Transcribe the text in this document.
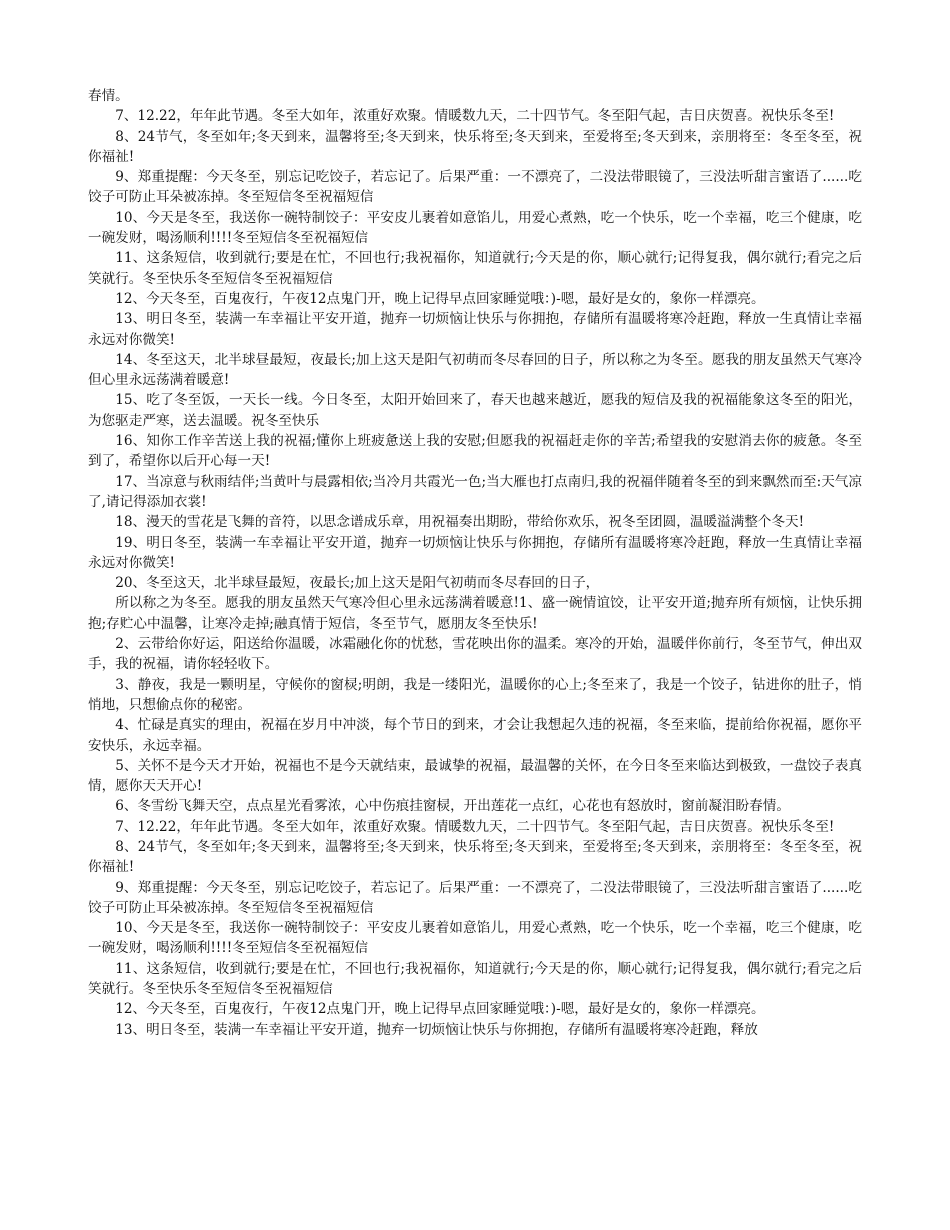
春情。

7、12.22，年年此节遇。冬至大如年，浓重好欢聚。情暖数九天，二十四节气。冬至阳气起，吉日庆贺喜。祝快乐冬至!

8、24节气，冬至如年;冬天到来，温馨将至;冬天到来，快乐将至;冬天到来，至爱将至;冬天到来，亲朋将至：冬至冬至，祝你福祉!

9、郑重提醒：今天冬至，别忘记吃饺子，若忘记了。后果严重：一不漂亮了，二没法带眼镜了，三没法听甜言蜜语了......吃饺子可防止耳朵被冻掉。冬至短信冬至祝福短信

10、今天是冬至，我送你一碗特制饺子：平安皮儿裹着如意馅儿，用爱心煮熟，吃一个快乐，吃一个幸福，吃三个健康，吃一碗发财，喝汤顺利!!!!冬至短信冬至祝福短信

11、这条短信，收到就行;要是在忙，不回也行;我祝福你，知道就行;今天是的你，顺心就行;记得复我，偶尔就行;看完之后笑就行。冬至快乐冬至短信冬至祝福短信

12、今天冬至，百鬼夜行，午夜12点鬼门开，晚上记得早点回家睡觉哦：)-嗯，最好是女的，象你一样漂亮。

13、明日冬至，装满一车幸福让平安开道，抛弃一切烦恼让快乐与你拥抱，存储所有温暖将寒冷赶跑，释放一生真情让幸福永远对你微笑!

14、冬至这天，北半球昼最短，夜最长;加上这天是阳气初萌而冬尽春回的日子，所以称之为冬至。愿我的朋友虽然天气寒冷但心里永远荡满着暖意!

15、吃了冬至饭，一天长一线。今日冬至，太阳开始回来了，春天也越来越近，愿我的短信及我的祝福能象这冬至的阳光，为您驱走严寒，送去温暖。祝冬至快乐

16、知你工作辛苦送上我的祝福;懂你上班疲惫送上我的安慰;但愿我的祝福赶走你的辛苦;希望我的安慰消去你的疲惫。冬至到了，希望你以后开心每一天!

17、当凉意与秋雨结伴;当黄叶与晨露相依;当冷月共霞光一色;当大雁也打点南归,我的祝福伴随着冬至的到来飘然而至:天气凉了,请记得添加衣裳!

18、漫天的雪花是飞舞的音符，以思念谱成乐章，用祝福奏出期盼，带给你欢乐，祝冬至团圆，温暖溢满整个冬天!

19、明日冬至，装满一车幸福让平安开道，抛弃一切烦恼让快乐与你拥抱，存储所有温暖将寒冷赶跑，释放一生真情让幸福永远对你微笑!

20、冬至这天，北半球昼最短，夜最长;加上这天是阳气初萌而冬尽春回的日子，

所以称之为冬至。愿我的朋友虽然天气寒冷但心里永远荡满着暖意!1、盛一碗情谊饺，让平安开道;抛弃所有烦恼，让快乐拥抱;存贮心中温馨，让寒冷走掉;融真情于短信，冬至节气，愿朋友冬至快乐!

2、云带给你好运，阳送给你温暖，冰霜融化你的忧愁，雪花映出你的温柔。寒冷的开始，温暖伴你前行，冬至节气，伸出双手，我的祝福，请你轻轻收下。

3、静夜，我是一颗明星，守候你的窗棂;明朗，我是一缕阳光，温暖你的心上;冬至来了，我是一个饺子，钻进你的肚子，悄悄地，只想偷点你的秘密。

4、忙碌是真实的理由，祝福在岁月中冲淡，每个节日的到来，才会让我想起久违的祝福，冬至来临，提前给你祝福，愿你平安快乐，永远幸福。

5、关怀不是今天才开始，祝福也不是今天就结束，最诚挚的祝福，最温馨的关怀，在今日冬至来临达到极致，一盘饺子表真情，愿你天天开心!

6、冬雪纷飞舞天空，点点星光看雾浓，心中伤痕挂窗棂，开出莲花一点红，心花也有怒放时，窗前凝泪盼春情。

7、12.22，年年此节遇。冬至大如年，浓重好欢聚。情暖数九天，二十四节气。冬至阳气起，吉日庆贺喜。祝快乐冬至!

8、24节气，冬至如年;冬天到来，温馨将至;冬天到来，快乐将至;冬天到来，至爱将至;冬天到来，亲朋将至：冬至冬至，祝你福祉!

9、郑重提醒：今天冬至，别忘记吃饺子，若忘记了。后果严重：一不漂亮了，二没法带眼镜了，三没法听甜言蜜语了......吃饺子可防止耳朵被冻掉。冬至短信冬至祝福短信

10、今天是冬至，我送你一碗特制饺子：平安皮儿裹着如意馅儿，用爱心煮熟，吃一个快乐，吃一个幸福，吃三个健康，吃一碗发财，喝汤顺利!!!!冬至短信冬至祝福短信

11、这条短信，收到就行;要是在忙，不回也行;我祝福你，知道就行;今天是的你，顺心就行;记得复我，偶尔就行;看完之后笑就行。冬至快乐冬至短信冬至祝福短信

12、今天冬至，百鬼夜行，午夜12点鬼门开，晚上记得早点回家睡觉哦：)-嗯，最好是女的，象你一样漂亮。

13、明日冬至，装满一车幸福让平安开道，抛弃一切烦恼让快乐与你拥抱，存储所有温暖将寒冷赶跑，释放
